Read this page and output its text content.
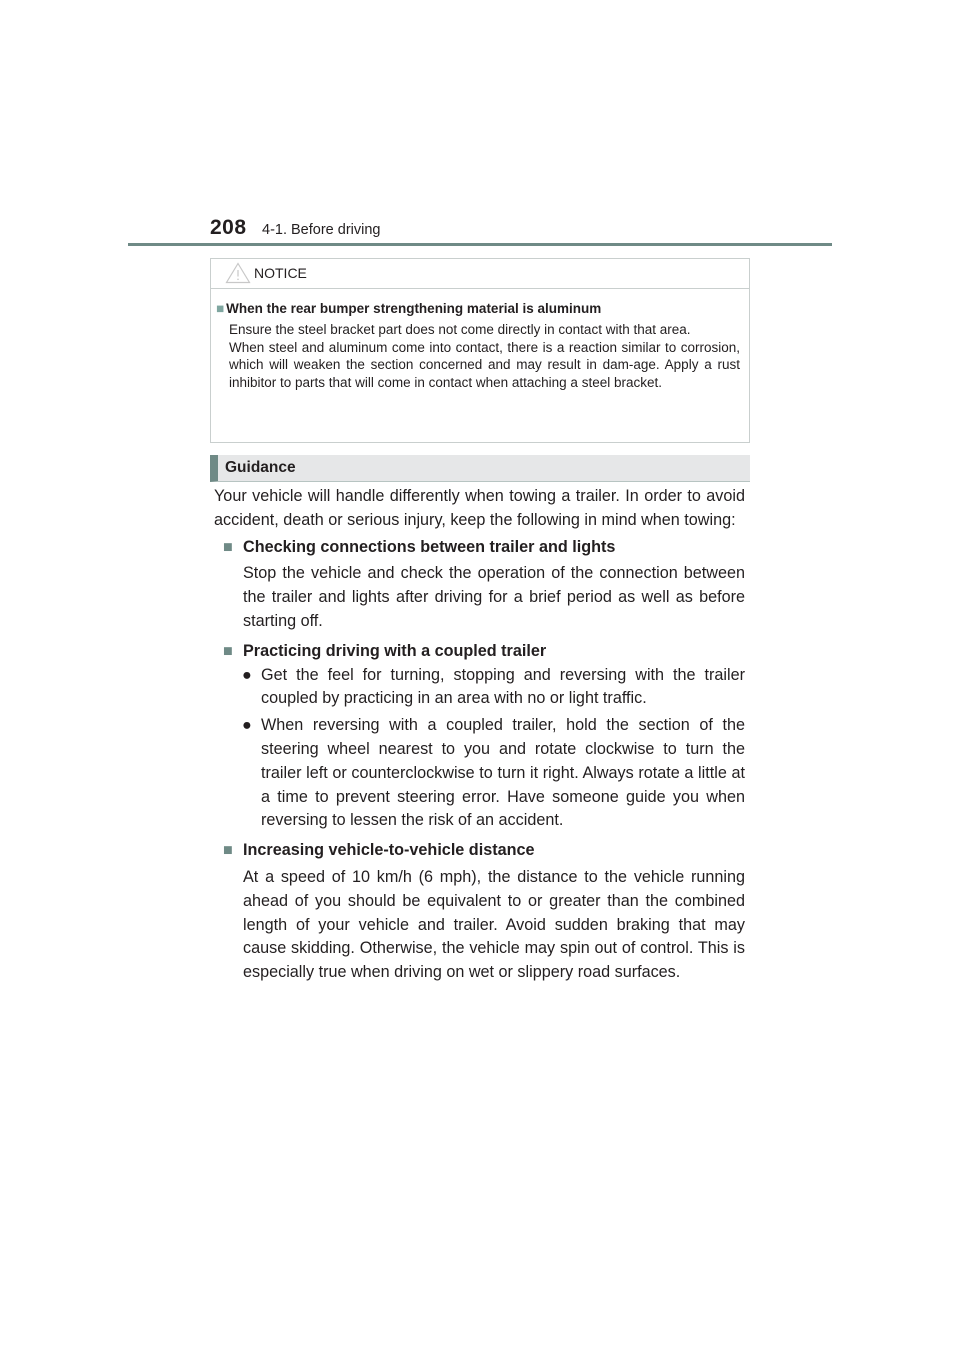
208 4-1. Before driving
NOTICE
■ When the rear bumper strengthening material is aluminum

Ensure the steel bracket part does not come directly in contact with that area.

When steel and aluminum come into contact, there is a reaction similar to corrosion, which will weaken the section concerned and may result in dam-age. Apply a rust inhibitor to parts that will come in contact when attaching a steel bracket.

Guidance

Your vehicle will handle differently when towing a trailer. In order to avoid accident, death or serious injury, keep the following in mind when towing:

■ Checking connections between trailer and lights

Stop the vehicle and check the operation of the connection between the trailer and lights after driving for a brief period as well as before starting off.

■ Practicing driving with a coupled trailer

● Get the feel for turning, stopping and reversing with the trailer coupled by practicing in an area with no or light traffic.

● When reversing with a coupled trailer, hold the section of the steering wheel nearest to you and rotate clockwise to turn the trailer left or counterclockwise to turn it right. Always rotate a little at a time to prevent steering error. Have someone guide you when reversing to lessen the risk of an accident.

■ Increasing vehicle-to-vehicle distance

At a speed of 10 km/h (6 mph), the distance to the vehicle running ahead of you should be equivalent to or greater than the combined length of your vehicle and trailer. Avoid sudden braking that may cause skidding. Otherwise, the vehicle may spin out of control. This is especially true when driving on wet or slippery road surfaces.
